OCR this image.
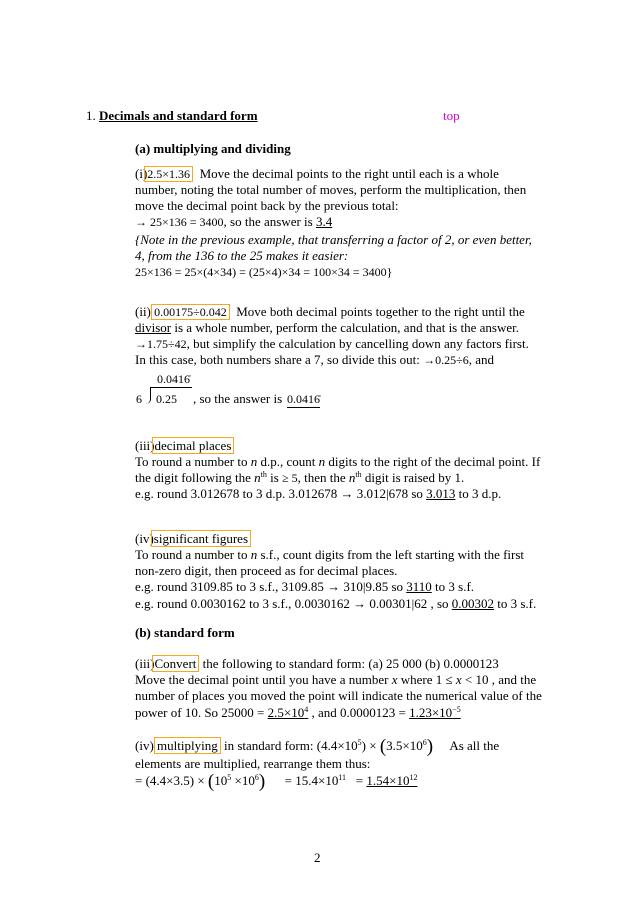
1. Decimals and standard form	top
(a) multiplying and dividing
(i)2.5×1.36 Move the decimal points to the right until each is a whole
number, noting the total number of moves, perform the multiplication, then
move the decimal point back by the previous total:
→ 25×136 = 3400, so the answer is 3.4
{Note in the previous example, that transferring a factor of 2, or even better,
4, from the 136 to the 25 makes it easier:
25×136 = 25×(4×34) = (25×4)×34 = 100×34 = 3400}
(ii) 0.00175÷0.042 Move both decimal points together to the right until the
divisor is a whole number, perform the calculation, and that is the answer.
→1.75÷42, but simplify the calculation by cancelling down any factors first.
In this case, both numbers share a 7, so divide this out: →0.25÷6, and
0.0416̇
6 0.25 , so the answer is 0.0416̇
(iii)decimal places
To round a number to n d.p., count n digits to the right of the decimal point. If
the digit following the $n^{th}$ is ≥ 5, then the $n^{th}$ digit is raised by 1.
e.g. round 3.012678 to 3 d.p. 3.012678 → 3.012|678 so 3.013 to 3 d.p.
(iv)significant figures
To round a number to n s.f., count digits from the left starting with the first
non-zero digit, then proceed as for decimal places.
e.g. round 3109.85 to 3 s.f., 3109.85 → 310|9.85 so 3110 to 3 s.f.
e.g. round 0.0030162 to 3 s.f., 0.0030162 → 0.00301|62 , so 0.00302 to 3 s.f.
(b) standard form
(iii)Convert the following to standard form: (a) 25 000 (b) 0.0000123
Move the decimal point until you have a number x where 1 ≤ x < 10 , and the
number of places you moved the point will indicate the numerical value of the
power of 10. So $25000 = 2.5\times 10^4$ , and $0.0000123 = 1.23\times 10^{-5}$
(iv) multiplying in standard form: $(4.4\times 10^5) \times (3.5\times 10^6)$ As all the
elements are multiplied, rearrange them thus:
= $(4.4\times 3.5) \times (10^5 \times 10^6) = 15.4\times 10^{11} = 1.54\times 10^{12}$
2
